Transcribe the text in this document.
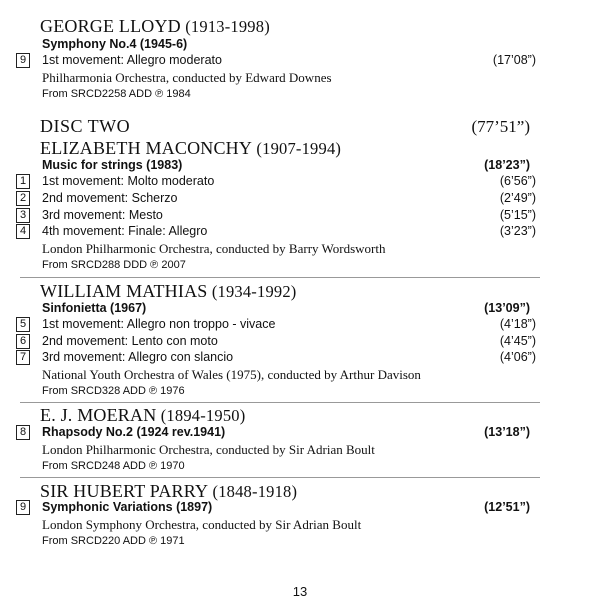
GEORGE LLOYD (1913-1998)
Symphony No.4 (1945-6)
9	1st movement: Allegro moderato	(17’08”)
Philharmonia Orchestra, conducted by Edward Downes
From SRCD2258 ADD ℗ 1984
DISC TWO	(77’51”)
ELIZABETH MACONCHY (1907-1994)
Music for strings (1983)	(18’23”)
1	1st movement: Molto moderato	(6’56”)
2	2nd movement: Scherzo	(2’49”)
3	3rd movement: Mesto	(5’15”)
4	4th movement: Finale: Allegro	(3’23”)
London Philharmonic Orchestra, conducted by Barry Wordsworth
From SRCD288 DDD ℗ 2007
WILLIAM MATHIAS (1934-1992)
Sinfonietta (1967)	(13’09”)
5	1st movement: Allegro non troppo - vivace	(4’18”)
6	2nd movement: Lento con moto	(4’45”)
7	3rd movement: Allegro con slancio	(4’06”)
National Youth Orchestra of Wales (1975), conducted by Arthur Davison
From SRCD328 ADD ℗ 1976
E. J. MOERAN (1894-1950)
8	Rhapsody No.2 (1924 rev.1941)	(13’18”)
London Philharmonic Orchestra, conducted by Sir Adrian Boult
From SRCD248 ADD ℗ 1970
SIR HUBERT PARRY (1848-1918)
9	Symphonic Variations (1897)	(12’51”)
London Symphony Orchestra, conducted by Sir Adrian Boult
From SRCD220 ADD ℗ 1971
13
